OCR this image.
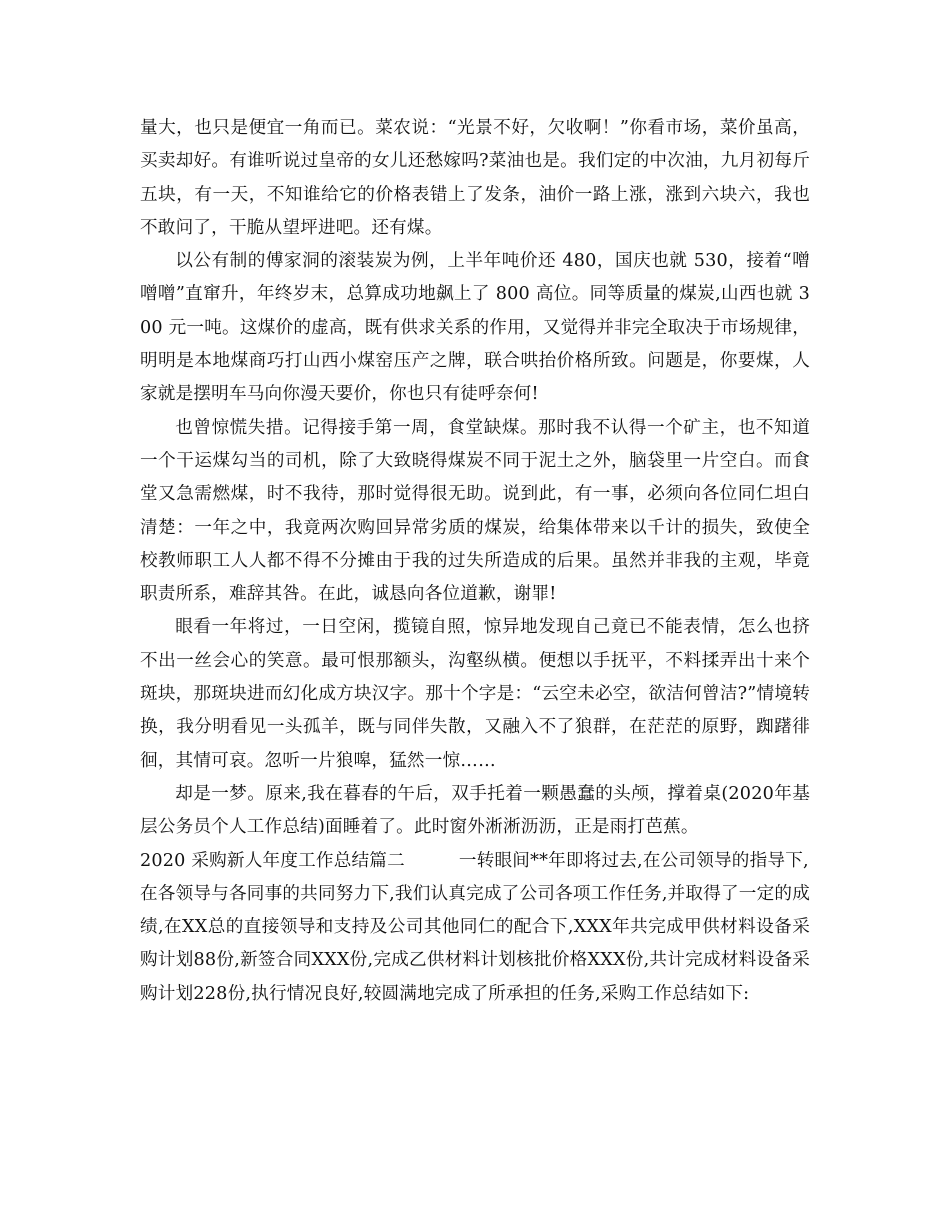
量大，也只是便宜一角而已。菜农说：“光景不好，欠收啊！”你看市场，菜价虽高，买卖却好。有谁听说过皇帝的女儿还愁嫁吗?菜油也是。我们定的中次油，九月初每斤五块，有一天，不知谁给它的价格表错上了发条，油价一路上涨，涨到六块六，我也不敢问了，干脆从望坪进吧。还有煤。

以公有制的傅家洞的滚装炭为例，上半年吨价还 480，国庆也就 530，接着“噌噌噌”直窜升，年终岁末，总算成功地飙上了 800 高位。同等质量的煤炭,山西也就 300 元一吨。这煤价的虚高，既有供求关系的作用，又觉得并非完全取决于市场规律，明明是本地煤商巧打山西小煤窑压产之牌，联合哄抬价格所致。问题是，你要煤，人家就是摆明车马向你漫天要价，你也只有徒呼奈何!

也曾惊慌失措。记得接手第一周，食堂缺煤。那时我不认得一个矿主，也不知道一个干运煤勾当的司机，除了大致晓得煤炭不同于泥土之外，脑袋里一片空白。而食堂又急需燃煤，时不我待，那时觉得很无助。说到此，有一事，必须向各位同仁坦白清楚：一年之中，我竟两次购回异常劣质的煤炭，给集体带来以千计的损失，致使全校教师职工人人都不得不分摊由于我的过失所造成的后果。虽然并非我的主观，毕竟职责所系，难辞其咎。在此，诚恳向各位道歉，谢罪!

眼看一年将过，一日空闲，揽镜自照，惊异地发现自己竟已不能表情，怎么也挤不出一丝会心的笑意。最可恨那额头，沟壑纵横。便想以手抚平，不料揉弄出十来个斑块，那斑块进而幻化成方块汉字。那十个字是：“云空未必空，欲洁何曾洁?”情境转换，我分明看见一头孤羊，既与同伴失散，又融入不了狼群，在茫茫的原野，踟躇徘徊，其情可哀。忽听一片狼嗥，猛然一惊……

却是一梦。原来,我在暮春的午后，双手托着一颗愚蠢的头颅，撑着桌(2020年基层公务员个人工作总结)面睡着了。此时窗外淅淅沥沥，正是雨打芭蕉。

2020 采购新人年度工作总结篇二	一转眼间**年即将过去,在公司领导的指导下,

在各领导与各同事的共同努力下,我们认真完成了公司各项工作任务,并取得了一定的成绩,在XX总的直接领导和支持及公司其他同仁的配合下,XXX年共完成甲供材料设备采购计划88份,新签合同XXX份,完成乙供材料计划核批价格XXX份,共计完成材料设备采购计划228份,执行情况良好,较圆满地完成了所承担的任务,采购工作总结如下:
